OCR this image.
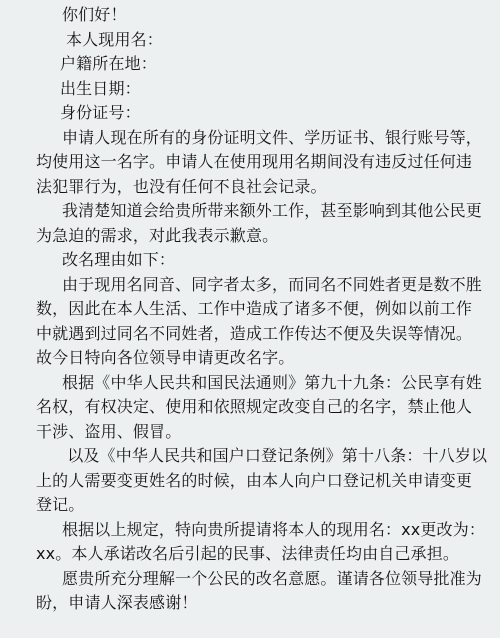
你们好！
本人现用名：
户籍所在地：
出生日期：
身份证号：
申请人现在所有的身份证明文件、学历证书、银行账号等，均使用这一名字。申请人在使用现用名期间没有违反过任何违法犯罪行为，也没有任何不良社会记录。
我清楚知道会给贵所带来额外工作，甚至影响到其他公民更为急迫的需求，对此我表示歉意。
改名理由如下：
由于现用名同音、同字者太多，而同名不同姓者更是数不胜数，因此在本人生活、工作中造成了诸多不便，例如以前工作中就遇到过同名不同姓者，造成工作传达不便及失误等情况。故今日特向各位领导申请更改名字。
根据《中华人民共和国民法通则》第九十九条：公民享有姓名权，有权决定、使用和依照规定改变自己的名字，禁止他人干涉、盗用、假冒。
以及《中华人民共和国户口登记条例》第十八条：十八岁以上的人需要变更姓名的时候，由本人向户口登记机关申请变更登记。
根据以上规定，特向贵所提请将本人的现用名：xx更改为：xx。本人承诺改名后引起的民事、法律责任均由自己承担。
愿贵所充分理解一个公民的改名意愿。谨请各位领导批准为盼，申请人深表感谢！
